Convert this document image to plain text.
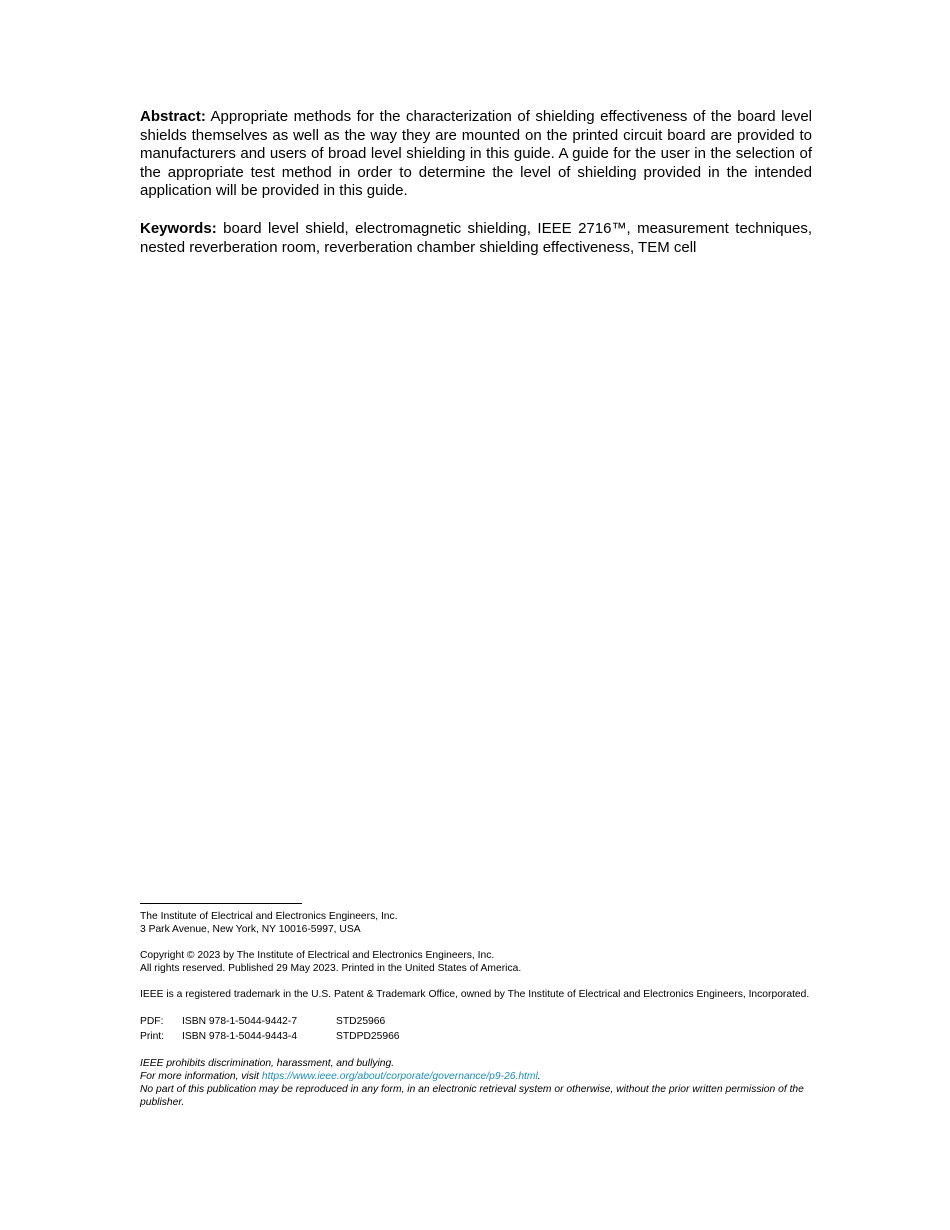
Abstract: Appropriate methods for the characterization of shielding effectiveness of the board level shields themselves as well as the way they are mounted on the printed circuit board are provided to manufacturers and users of broad level shielding in this guide. A guide for the user in the selection of the appropriate test method in order to determine the level of shielding provided in the intended application will be provided in this guide.

Keywords: board level shield, electromagnetic shielding, IEEE 2716™, measurement techniques, nested reverberation room, reverberation chamber shielding effectiveness, TEM cell

The Institute of Electrical and Electronics Engineers, Inc.

3 Park Avenue, New York, NY 10016-5997, USA

Copyright © 2023 by The Institute of Electrical and Electronics Engineers, Inc.

All rights reserved. Published 29 May 2023. Printed in the United States of America.

IEEE is a registered trademark in the U.S. Patent & Trademark Office, owned by The Institute of Electrical and Electronics Engineers, Incorporated.

PDF:	ISBN 978-1-5044-9442-7	STD25966
Print:	ISBN 978-1-5044-9443-4	STDPD25966

IEEE prohibits discrimination, harassment, and bullying.

For more information, visit https://www.ieee.org/about/corporate/governance/p9-26.html.

No part of this publication may be reproduced in any form, in an electronic retrieval system or otherwise, without the prior written permission of the publisher.
